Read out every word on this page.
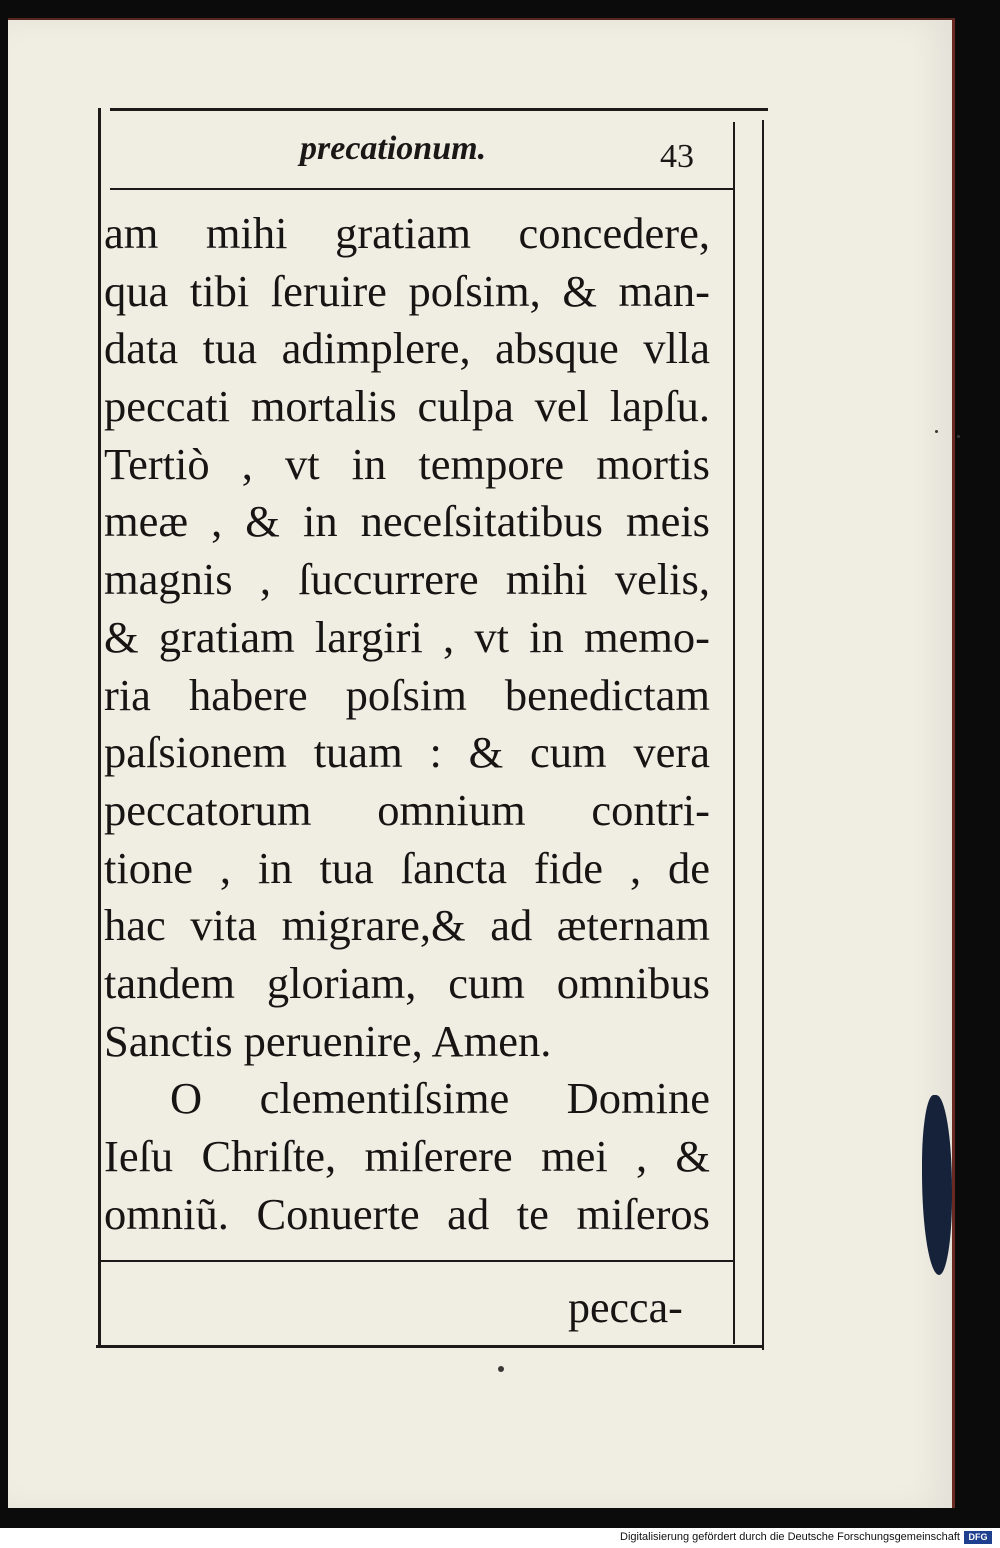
precationum.	43
am mihi gratiam concedere,
qua tibi ſeruire poſsim, & man-
data tua adimplere, absque vlla
peccati mortalis culpa vel lapſu.
Tertiò , vt in tempore mortis
meæ , & in neceſsitatibus meis
magnis , ſuccurrere mihi velis,
& gratiam largiri , vt in memo-
ria habere poſsim benedictam
paſsionem tuam : & cum vera
peccatorum omnium contri-
tione , in tua ſancta fide , de
hac vita migrare,& ad æternam
tandem gloriam, cum omnibus
Sanctis peruenire, Amen.
O clementiſsime Domine
Ieſu Chriſte, miſerere mei , &
omniũ. Conuerte ad te miſeros
pecca-
Digitalisierung gefördert durch die Deutsche Forschungsgemeinschaft DFG
